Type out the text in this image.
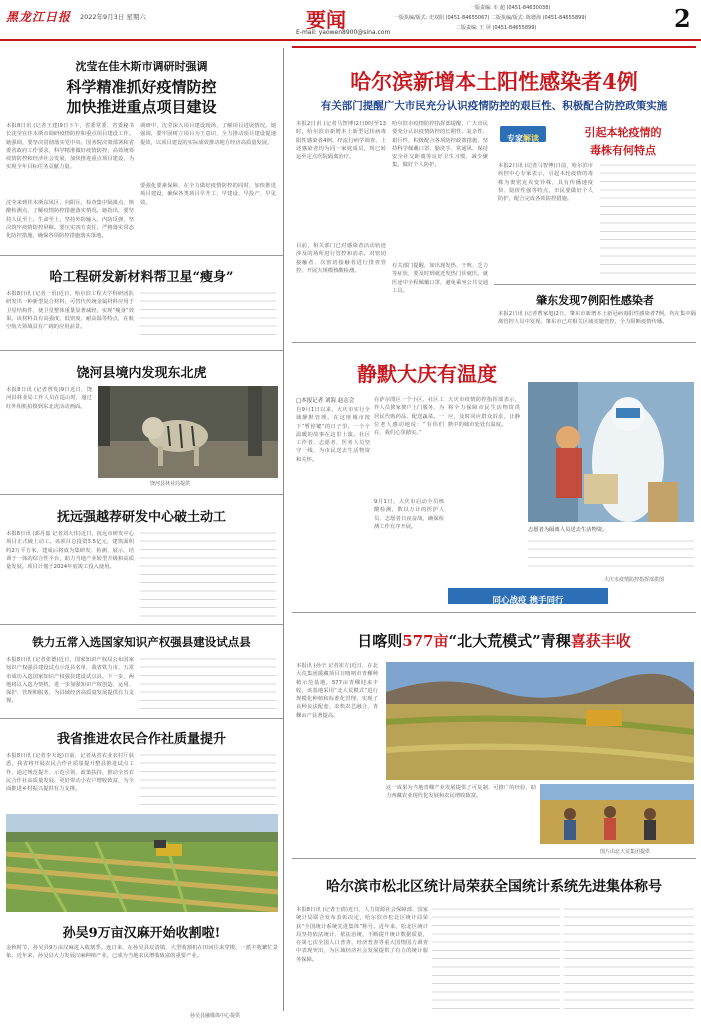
黑龙江日报 2022年9月3日 星期六	要闻
E-mail: yaowen8900@sina.com
一版责编: 车 超 (0451-84630038)
一版执编/版式: 史双阳 (0451-84655067) 二版执编/版式: 陈德海 (0451-84655899)
二版责编: 王 屏 (0451-84655899)	2
沈莹在佳木斯市调研时强调
科学精准抓好疫情防控
加快推进重点项目建设
本报8日讯 (记者王建)9日下午，省委常委、省委秘书长沈莹在佳木斯市调研疫情防控和重点项目建设工作。她强调，要坚决贯彻落实党中央、国务院决策部署和省委省政府工作要求，科学精准做好疫情防控，高效统筹疫情防控和经济社会发展，加快推进重点项目建设，为实现全年目标任务贡献力量。
沈莹来到佳木斯东风区、向阳区，检查集中隔离点、核酸检测点，了解疫情防控措施落实情况。她指出，要坚持人民至上、生命至上，坚持外防输入、内防反弹，坚决筑牢疫情防控屏障。要压实四方责任，严格落实常态化防控措施，确保各项防控措施落实落地。
调研中，沈莹深入项目建设现场，了解项目进展情况。她强调，要牢固树立项目为王意识，全力推动项目建设提速提效，以项目建设的实际成效推动地方经济高质量发展。
要强化要素保障，在全力做好疫情防控的同时，加快推进项目建设，确保各类项目早开工、早建设、早投产、早见效。
哈工程研发新材料帮卫星“瘦身”
本报8日讯 (记者一语)近日，哈尔滨工程大学科研团队研发出一种新型复合材料，可替代传统金属材料应用于卫星结构件，使卫星整体重量显著减轻，实现“瘦身”效果。该材料具有高强度、低密度、耐高温等特点，在航空航天领域具有广阔的应用前景。
饶河县境内发现东北虎
本报8日讯 (记者曾发)9日近日，饶河县林业局工作人员在巡山时，通过红外相机拍摄到东北虎活动画面。
饶河县林业局提供
抚远强越荐研发中心破土动工
本报8日讯 (郭丹嘉 记者刘大伟)近日，抚远市研发中心项目正式破土动工。该项目总投资3.5亿元，建筑面积约2万平方米，建成后将成为集研发、检测、展示、培训于一体的综合性平台，助力当地产业转型升级和高质量发展。项目计划于2024年底竣工投入使用。
铁力五常入选国家知识产权强县建设试点县
本报8日讯 (记者张德)近日，国家知识产权局公布国家知识产权强县建设试点示范县名单，我省铁力市、五常市成功入选国家知识产权强县建设试点县。下一步，两地将以入选为契机，进一步加强知识产权创造、运用、保护、管理和服务，为县域经济高质量发展提供有力支撑。
我省推进农民合作社质量提升
本报8日讯 (记者李天池)日前，记者从省农业农村厅获悉，我省将开展农民合作社质量提升整县推进试点工作，通过规范提升、示范引领、政策扶持，推动全省农民合作社高质量发展，更好带动小农户增收致富，为全面推进乡村振兴提供有力支撑。
孙吴9万亩汉麻开始收割啦!
金秋时节，孙吴县9万亩汉麻进入收割季。连日来，在孙吴县辰清镇，大型收割机在田间往来穿梭，一派丰收繁忙景象。近年来，孙吴县大力发展汉麻种植产业，已成为当地农民增收致富的重要产业。
孙吴县融媒体中心提供
哈尔滨新增本土阳性感染者4例
有关部门提醒广大市民充分认识疫情防控的艰巨性、积极配合防控政策实施
本报2日讯 (记者马智博)2日0时至13时，哈尔滨市新增本土新型冠状病毒阳性感染者4例。经流行病学调查，上述感染者均为同一家庭成员，现已转运至定点医院隔离治疗。
目前，相关部门已对感染者活动轨迹涉及的场所进行管控和消杀，对密切接触者、次密切接触者进行排查管控，开展大规模核酸检测。
哈尔滨市疫情防控指挥部提醒，广大市民要充分认识疫情防控的长期性、复杂性、艰巨性，积极配合各项防控政策措施，坚持科学佩戴口罩、勤洗手、常通风、保持安全社交距离等良好卫生习惯，减少聚集，做好个人防护。
有关部门提醒，如出现发热、干咳、乏力等症状，要及时到就近发热门诊就医，就医途中全程佩戴口罩，避免乘坐公共交通工具。
专家解读	引起本轮疫情的
毒株有何特点
本报2日讯 (记者马智博)日前，哈尔滨市疾控中心专家表示，引起本轮疫情的毒株为奥密克戎变异株，具有传播速度快、隐匿性强等特点，市民要做好个人防护，配合完成各项防控措施。
肇东发现7例阳性感染者
本报2日讯 (记者曹家旭)2日，肇东市新增本土新冠病毒阳性感染者7例，均在集中隔离管控人员中发现。肇东市已对相关区域实施管控，全力阻断疫情传播。
静默大庆有温度
□本报记者 刘海 赵志会
自9月1日以来，大庆市实行全域静默管理。在这座城市按下“暂停键”的日子里，一个个温暖的故事在这里上演。社区工作者、志愿者、医务人员坚守一线，为市民送去生活物资和关怀。
在萨尔图区一个小区，社区工作人员挨家挨户上门服务，为居民代购药品、配送蔬菜。一位老人感动地说：“有你们在，我们心里踏实。”
9月1日，大庆市启动全员核酸检测，数以万计的医护人员、志愿者日夜奋战，确保检测工作有序开展。
大庆市疫情防控指挥部表示，将全力保障市民生活物资供应，及时回应群众诉求，让静默中的城市处处有温度。
志愿者为隔离人员送去生活物资。
大庆市疫情防控指挥部供图
同心战疫 携手同行
日喀则577亩“北大荒模式”青稞喜获丰收
本报讯 (孙辛 记者崔方)近日，在北大荒集团援藏项目日喀则市青稞种植示范基地，577亩青稞迎来丰收。该基地采用“北大荒模式”进行规模化种植和标准化管理，实现了良种良法配套、农机农艺融合，青稞亩产显著提高。
这一成果为当地青稞产业发展提供了可复制、可推广的经验，助力西藏农业现代化发展和农民增收致富。
图片由北大荒集团提供
哈尔滨市松北区统计局荣获全国统计系统先进集体称号
本报8日讯 (记者王倩)近日，人力资源社会保障部、国家统计局联合发布表彰决定，哈尔滨市松北区统计局荣获“全国统计系统先进集体”称号。近年来，松北区统计局坚持依法统计、依法治统，不断提升统计数据质量，在第七次全国人口普查、经济普查等重大国情国力调查中表现突出，为区域经济社会发展提供了有力的统计服务保障。
